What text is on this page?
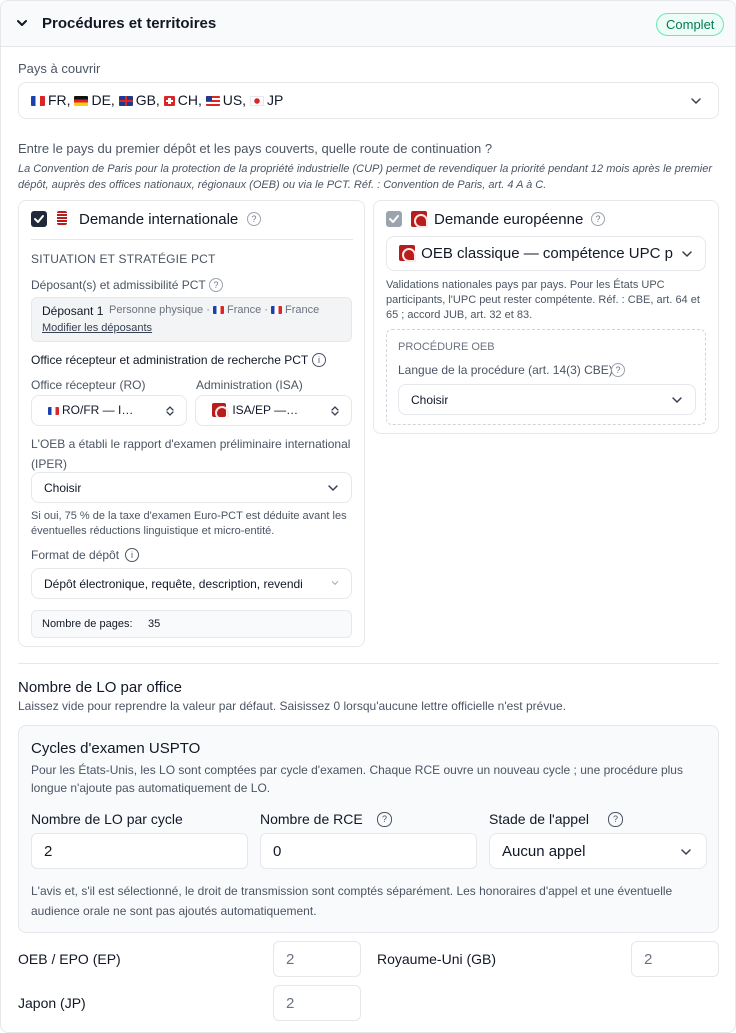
Procédures et territoires	Complet
Pays à couvrir
FR, DE, GB, CH, US, JP
Entre le pays du premier dépôt et les pays couverts, quelle route de continuation ?
La Convention de Paris pour la protection de la propriété industrielle (CUP) permet de revendiquer la priorité pendant 12 mois après le premier dépôt, auprès des offices nationaux, régionaux (OEB) ou via le PCT. Réf. : Convention de Paris, art. 4 A à C.
Demande internationale	?
SITUATION ET STRATÉGIE PCT
Déposant(s) et admissibilité PCT ?
Déposant 1 Personne physique · France · France
Modifier les déposants
Office récepteur et administration de recherche PCT	i
Office récepteur (RO)
RO/FR — I…
Administration (ISA)
ISA/EP —…
L'OEB a établi le rapport d'examen préliminaire international (IPER)
Choisir
Si oui, 75 % de la taxe d'examen Euro-PCT est déduite avant les éventuelles réductions linguistique et micro-entité.
Format de dépôt	i
Dépôt électronique, requête, description, revendi
Nombre de pages: 35
Demande européenne	?
OEB classique — compétence UPC p
Validations nationales pays par pays. Pour les États UPC participants, l'UPC peut rester compétente. Réf. : CBE, art. 64 et 65 ; accord JUB, art. 32 et 83.
PROCÉDURE OEB
Langue de la procédure (art. 14(3) CBE) ?
Choisir
Nombre de LO par office
Laissez vide pour reprendre la valeur par défaut. Saisissez 0 lorsqu'aucune lettre officielle n'est prévue.
Cycles d'examen USPTO
Pour les États-Unis, les LO sont comptées par cycle d'examen. Chaque RCE ouvre un nouveau cycle ; une procédure plus longue n'ajoute pas automatiquement de LO.
Nombre de LO par cycle
2
Nombre de RCE	?
0
Stade de l'appel	?
Aucun appel
L'avis et, s'il est sélectionné, le droit de transmission sont comptés séparément. Les honoraires d'appel et une éventuelle audience orale ne sont pas ajoutés automatiquement.
OEB / EPO (EP)	2	Royaume-Uni (GB)	2
Japon (JP)	2
